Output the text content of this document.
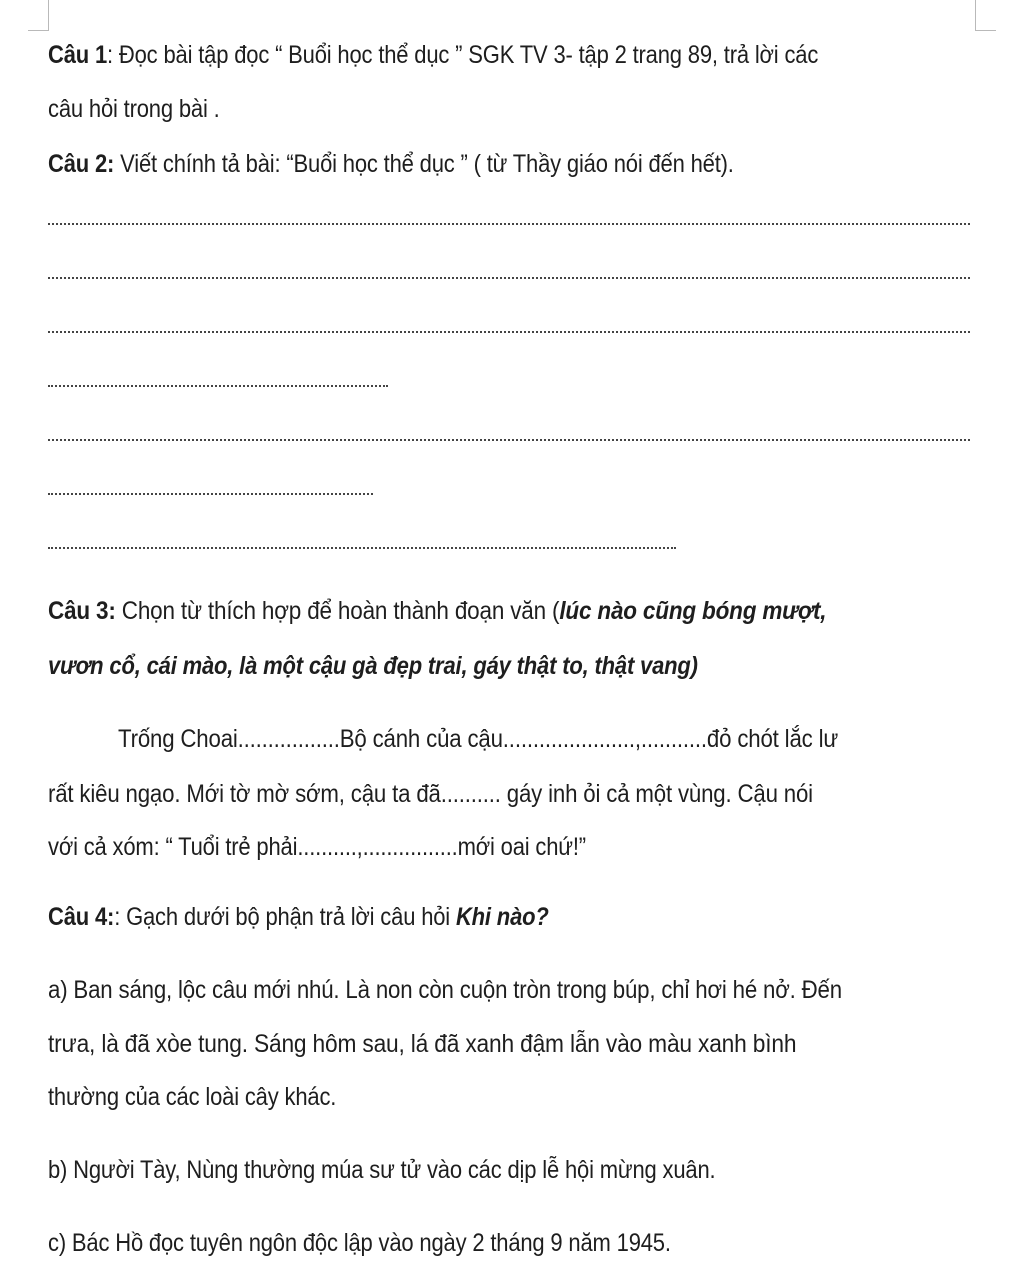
Câu 1: Đọc bài tập đọc “ Buổi học thể dục ” SGK TV 3- tập 2 trang 89, trả lời các
câu hỏi trong bài .
Câu 2: Viết chính tả bài: “Buổi học thể dục ” ( từ Thầy giáo nói đến hết).
Câu 3: Chọn từ thích hợp để hoàn thành đoạn văn (lúc nào cũng bóng mượt,
vươn cổ, cái mào, là một cậu gà đẹp trai, gáy thật to, thật vang)
Trống Choai.................Bộ cánh của cậu......................,...........đỏ chót lắc lư
rất kiêu ngạo. Mới tờ mờ sớm, cậu ta đã.......... gáy inh ỏi cả một vùng. Cậu nói
với cả xóm: “ Tuổi trẻ phải..........,................mới oai chứ!”
Câu 4:: Gạch dưới bộ phận trả lời câu hỏi Khi nào?
a) Ban sáng, lộc câu mới nhú. Là non còn cuộn tròn trong búp, chỉ hơi hé nở. Đến
trưa, là đã xòe tung. Sáng hôm sau, lá đã xanh đậm lẫn vào màu xanh bình
thường của các loài cây khác.
b) Người Tày, Nùng thường múa sư tử vào các dịp lễ hội mừng xuân.
c) Bác Hồ đọc tuyên ngôn độc lập vào ngày 2 tháng 9 năm 1945.
